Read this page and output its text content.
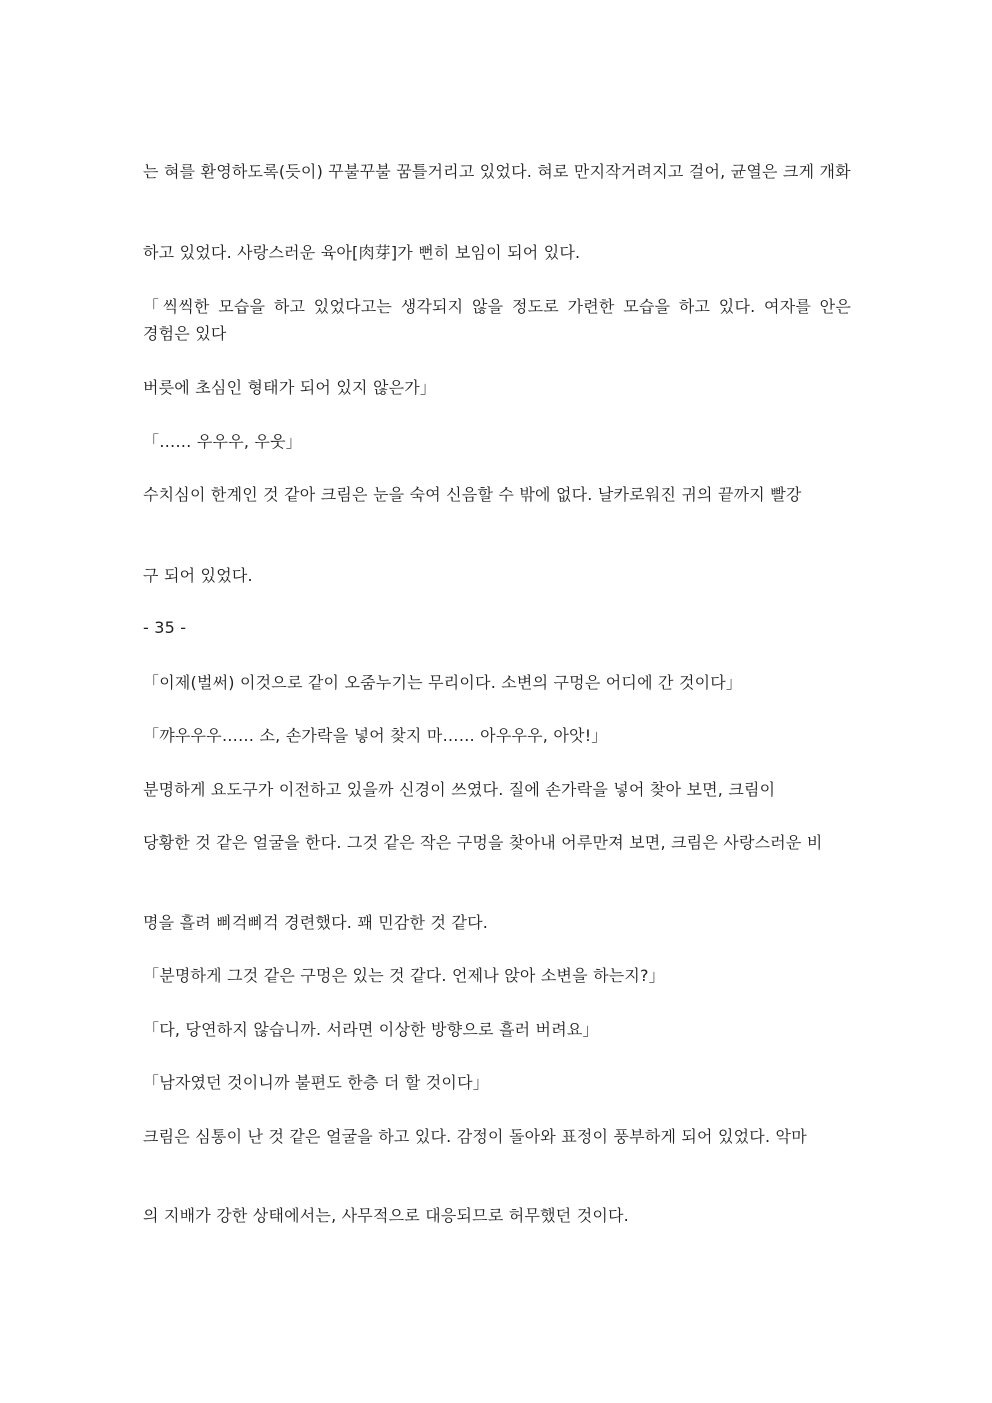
는 혀를 환영하도록(듯이) 꾸불꾸불 꿈틀거리고 있었다. 혀로 만지작거려지고 걸어, 균열은 크게 개화

하고 있었다. 사랑스러운 육아[肉芽]가 뻔히 보임이 되어 있다.

「씩씩한 모습을 하고 있었다고는 생각되지 않을 정도로 가련한 모습을 하고 있다. 여자를 안은 경험은 있다

버릇에 초심인 형태가 되어 있지 않은가」

「…… 우우우, 우웃」

수치심이 한계인 것 같아 크림은 눈을 숙여 신음할 수 밖에 없다. 날카로워진 귀의 끝까지 빨강

구 되어 있었다.

- 35 -

「이제(벌써) 이것으로 같이 오줌누기는 무리이다. 소변의 구멍은 어디에 간 것이다」

「꺄우우우…… 소, 손가락을 넣어 찾지 마…… 아우우우, 아앗!」

분명하게 요도구가 이전하고 있을까 신경이 쓰였다. 질에 손가락을 넣어 찾아 보면, 크림이

당황한 것 같은 얼굴을 한다. 그것 같은 작은 구멍을 찾아내 어루만져 보면, 크림은 사랑스러운 비

명을 흘려 삐걱삐걱 경련했다. 꽤 민감한 것 같다.

「분명하게 그것 같은 구멍은 있는 것 같다. 언제나 앉아 소변을 하는지?」

「다, 당연하지 않습니까. 서라면 이상한 방향으로 흘러 버려요」

「남자였던 것이니까 불편도 한층 더 할 것이다」

크림은 심통이 난 것 같은 얼굴을 하고 있다. 감정이 돌아와 표정이 풍부하게 되어 있었다. 악마

의 지배가 강한 상태에서는, 사무적으로 대응되므로 허무했던 것이다.
